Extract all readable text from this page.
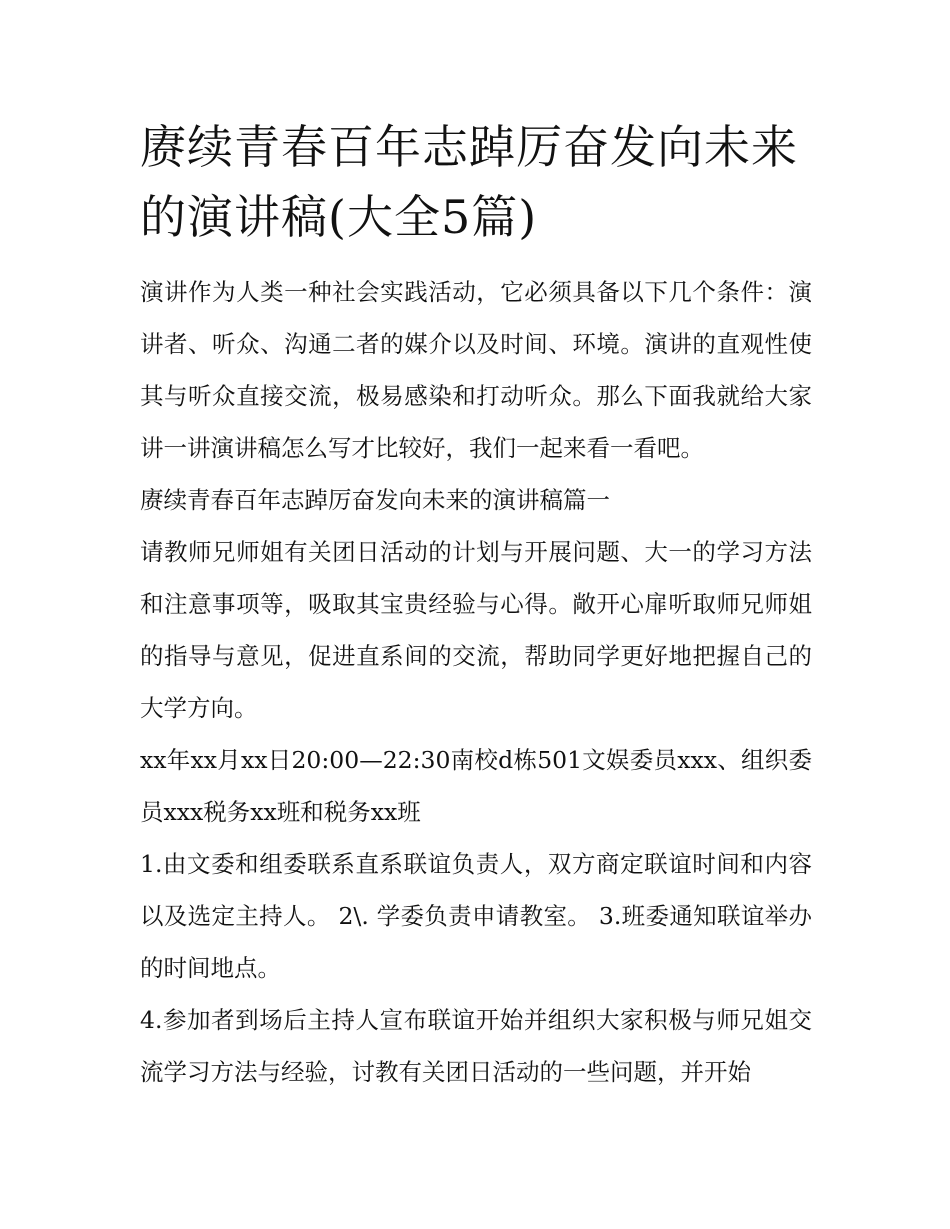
赓续青春百年志踔厉奋发向未来的演讲稿(大全5篇)

演讲作为人类一种社会实践活动，它必须具备以下几个条件：演讲者、听众、沟通二者的媒介以及时间、环境。演讲的直观性使其与听众直接交流，极易感染和打动听众。那么下面我就给大家讲一讲演讲稿怎么写才比较好，我们一起来看一看吧。

赓续青春百年志踔厉奋发向未来的演讲稿篇一

请教师兄师姐有关团日活动的计划与开展问题、大一的学习方法和注意事项等，吸取其宝贵经验与心得。敞开心扉听取师兄师姐的指导与意见，促进直系间的交流，帮助同学更好地把握自己的大学方向。

xx年xx月xx日20:00—22:30南校d栋501文娱委员xxx、组织委员xxx税务xx班和税务xx班

1.由文委和组委联系直系联谊负责人，双方商定联谊时间和内容以及选定主持人。 2\. 学委负责申请教室。 3.班委通知联谊举办的时间地点。

4.参加者到场后主持人宣布联谊开始并组织大家积极与师兄姐交流学习方法与经验，讨教有关团日活动的一些问题，并开始
